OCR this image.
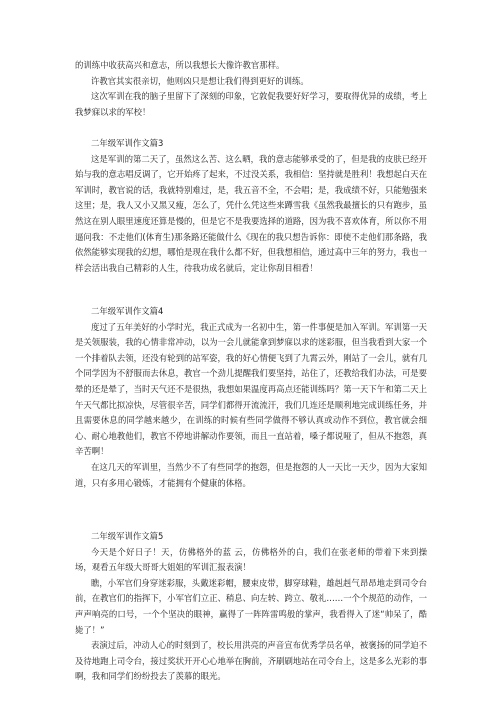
的训练中收获高兴和意志，所以我想长大像许教官那样。

许教官其实很亲切，他则凶只是想让我们得到更好的训练。

这次军训在我的脑子里留下了深刻的印象，它敦促我要好好学习，要取得优异的成绩，考上我梦寐以求的军校！

二年级军训作文篇3

这是军训的第二天了，虽然这么苦、这么晒，我的意志能够承受的了，但是我的皮肤已经开始与我的意志唱反调了，它开始疼了起来，不过没关系，我相信：坚持就是胜利！我想起白天在军训时，教官说的话，我就特别难过，是，我五音不全，不会唱；是，我成绩不好，只能勉强来这里；是，我人又小又黑又瘦，怎么了，凭什么凭这些来蹲雪我《虽然我最擅长的只有跑步，虽然这在别人眼里速度还算是慢的，但是它不是我要选择的道路，因为我不喜欢体育，所以你不用逼问我：不走他们(体育生)那条路还能做什么《现在的我只想告诉你：即使不走他们那条路，我依然能够实现我的幻想，哪怕是现在我什么都不好，但我想相信，通过高中三年的努力，我也一样会活出我自己精彩的人生，待我功成名就后，定让你刮目相看！

二年级军训作文篇4

度过了五年美好的小学时光，我正式成为一名初中生，第一件事便是加入军训。军训第一天是关领服装，我的心情非常冲动，以为一会儿就能拿到梦寐以求的迷彩服，但当我看到大家一个一个排着队去领，还没有轮到的站军姿，我的好心情便飞到了九霄云外，刚站了一会儿，就有几个同学因为不舒服而去休息，教官一个劲儿提醒我们要坚持，站住了，还教给我们办法，可是要晕的还是晕了，当时天气还不是很热，我想如果温度再高点还能训练吗？第一天下午和第二天上午天气都比拟凉快，尽管很辛苦，同学们都得开流流汗，我们几连还是顺利地完成训练任务，并且需要休息的同学越来越少，在训练的时候有些同学做得不够认真或动作不到位，教官就会细心、耐心地教他们，教官不停地讲解动作要领，而且一直站着，嗓子都说哑了，但从不抱怨，真辛苦啊！

在这几天的军训里，当然少不了有些同学的抱怨，但是抱怨的人一天比一天少，因为大家知道，只有多用心锻炼，才能拥有个健康的体格。

二年级军训作文篇5

今天是个好日子！天，仿佛格外的蓝 云，仿佛格外的白，我们在张老师的带着下来到操场，观看五年级大哥哥大姐姐的军训汇报表演！

瞧，小军官们身穿迷彩服，头戴迷彩帽，腰束皮带，脚穿球鞋，雄赳赳气昂昂地走到司令台前，在教官们的指挥下，小军官们立正、稍息、向左转、跨立、敬礼……一个个规范的动作，一声声响亮的口号，一个个坚决的眼神，赢得了一阵阵雷鸣般的掌声，我看得入了迷“帅呆了，酷毙了！”

表演过后，冲动人心的时刻到了，校长用洪亮的声音宣布优秀学员名单，被褒扬的同学迫不及待地跑上司令台，接过奖状开开心心地举在胸前，齐刷刷地站在司令台上，这是多么光彩的事啊，我和同学们纷纷投去了羡慕的眼光。
